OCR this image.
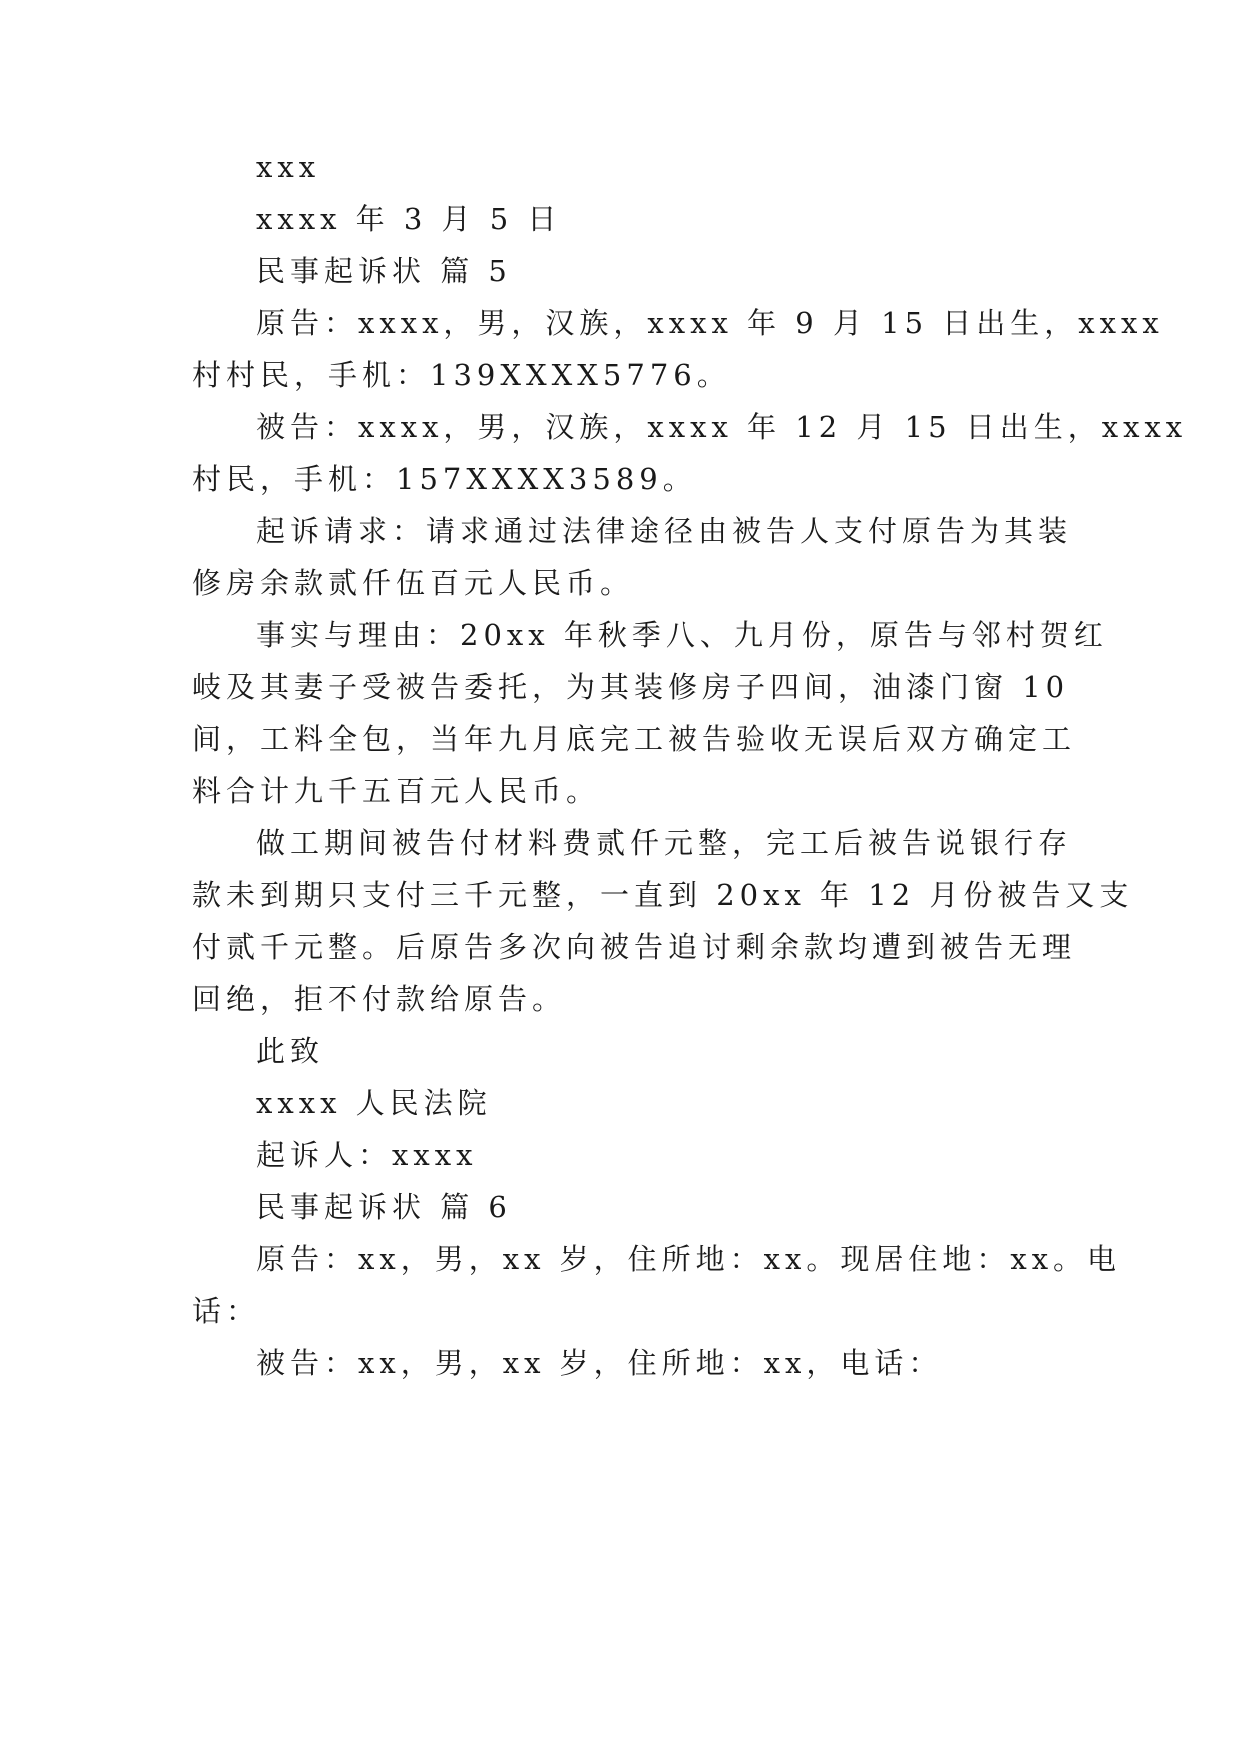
xxx
xxxx 年 3 月 5 日
民事起诉状 篇 5
原告：xxxx，男，汉族，xxxx 年 9 月 15 日出生，xxxx
村村民，手机：139XXXX5776。
被告：xxxx，男，汉族，xxxx 年 12 月 15 日出生，xxxx
村民，手机：157XXXX3589。
起诉请求：请求通过法律途径由被告人支付原告为其装
修房余款贰仟伍百元人民币。
事实与理由：20xx 年秋季八、九月份，原告与邻村贺红
岐及其妻子受被告委托，为其装修房子四间，油漆门窗 10
间，工料全包，当年九月底完工被告验收无误后双方确定工
料合计九千五百元人民币。
做工期间被告付材料费贰仟元整，完工后被告说银行存
款未到期只支付三千元整，一直到 20xx 年 12 月份被告又支
付贰千元整。后原告多次向被告追讨剩余款均遭到被告无理
回绝，拒不付款给原告。
此致
xxxx 人民法院
起诉人：xxxx
民事起诉状 篇 6
原告：xx，男，xx 岁，住所地：xx。现居住地：xx。电
话：
被告：xx，男，xx 岁，住所地：xx，电话：
